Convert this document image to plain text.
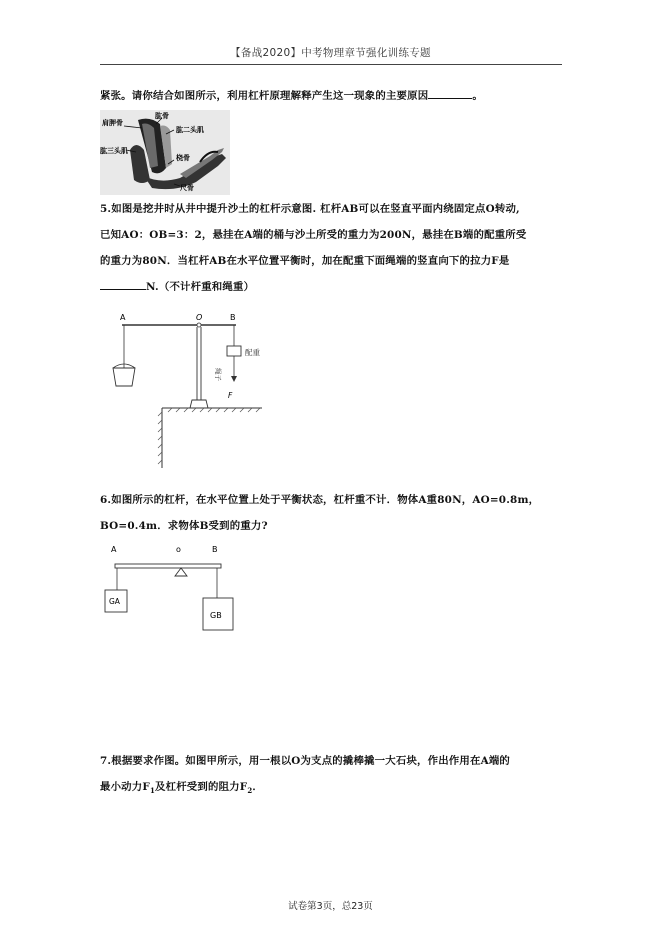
【备战2020】中考物理章节强化训练专题
紧张。请你结合如图所示，利用杠杆原理解释产生这一现象的主要原因	。
肩胛骨
肱骨
肱二头肌
肱三头肌
桡骨
尺骨
5.如图是挖井时从井中提升沙土的杠杆示意图. 杠杆AB可以在竖直平面内绕固定点O转动,
已知AO：OB=3：2，悬挂在A端的桶与沙土所受的重力为200N，悬挂在B端的配重所受
的重力为80N．当杠杆AB在水平位置平衡时，加在配重下面绳端的竖直向下的拉力F是
N.（不计杆重和绳重）
A	O	B
配重
F
绳子
6.如图所示的杠杆，在水平位置上处于平衡状态，杠杆重不计．物体A重80N，AO=0.8m，
BO=0.4m．求物体B受到的重力?
A	o	B
GA
GB
7.根据要求作图。如图甲所示，用一根以O为支点的撬棒撬一大石块，作出作用在A端的
最小动力$F_1$及杠杆受到的阻力$F_2$．
试卷第3页，总23页
